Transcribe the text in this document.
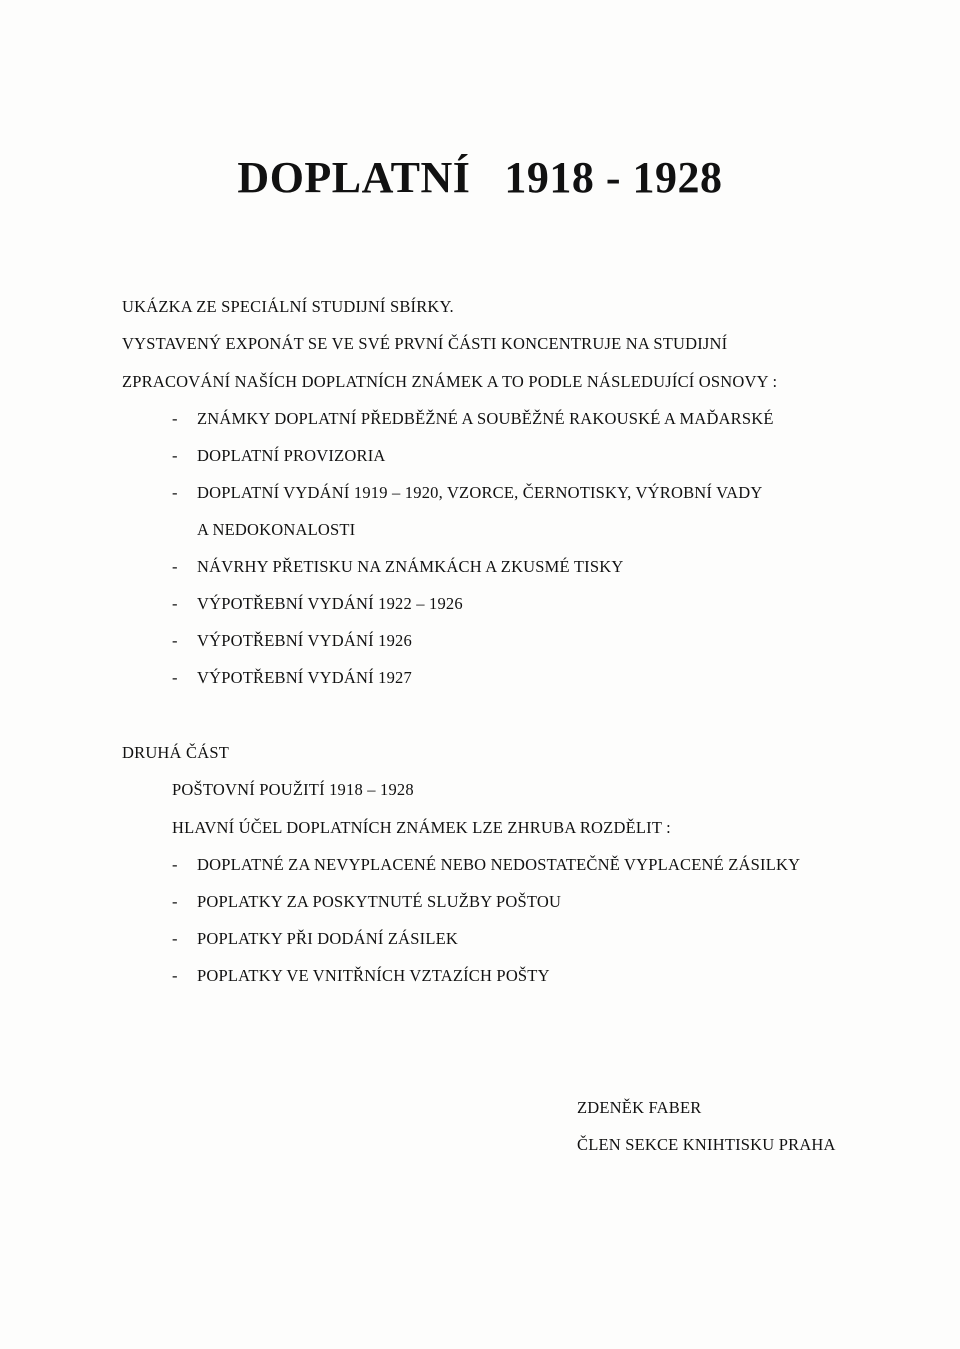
DOPLATNÍ 1918 - 1928
UKÁZKA ZE SPECIÁLNÍ STUDIJNÍ SBÍRKY.
VYSTAVENÝ EXPONÁT SE VE SVÉ PRVNÍ ČÁSTI KONCENTRUJE NA STUDIJNÍ
ZPRACOVÁNÍ NAŠÍCH DOPLATNÍCH ZNÁMEK A TO PODLE NÁSLEDUJÍCÍ OSNOVY :
- ZNÁMKY DOPLATNÍ PŘEDBĚŽNÉ A SOUBĚŽNÉ RAKOUSKÉ A MAĎARSKÉ
- DOPLATNÍ PROVIZORIA
- DOPLATNÍ VYDÁNÍ 1919 – 1920, VZORCE, ČERNOTISKY, VÝROBNÍ VADY
A NEDOKONALOSTI
- NÁVRHY PŘETISKU NA ZNÁMKÁCH A ZKUSMÉ TISKY
- VÝPOTŘEBNÍ VYDÁNÍ 1922 – 1926
- VÝPOTŘEBNÍ VYDÁNÍ 1926
- VÝPOTŘEBNÍ VYDÁNÍ 1927
DRUHÁ ČÁST
POŠTOVNÍ POUŽITÍ 1918 – 1928
HLAVNÍ ÚČEL DOPLATNÍCH ZNÁMEK LZE ZHRUBA ROZDĚLIT :
- DOPLATNÉ ZA NEVYPLACENÉ NEBO NEDOSTATEČNĚ VYPLACENÉ ZÁSILKY
- POPLATKY ZA POSKYTNUTÉ SLUŽBY POŠTOU
- POPLATKY PŘI DODÁNÍ ZÁSILEK
- POPLATKY VE VNITŘNÍCH VZTAZÍCH POŠTY
ZDENĚK FABER
ČLEN SEKCE KNIHTISKU PRAHA
